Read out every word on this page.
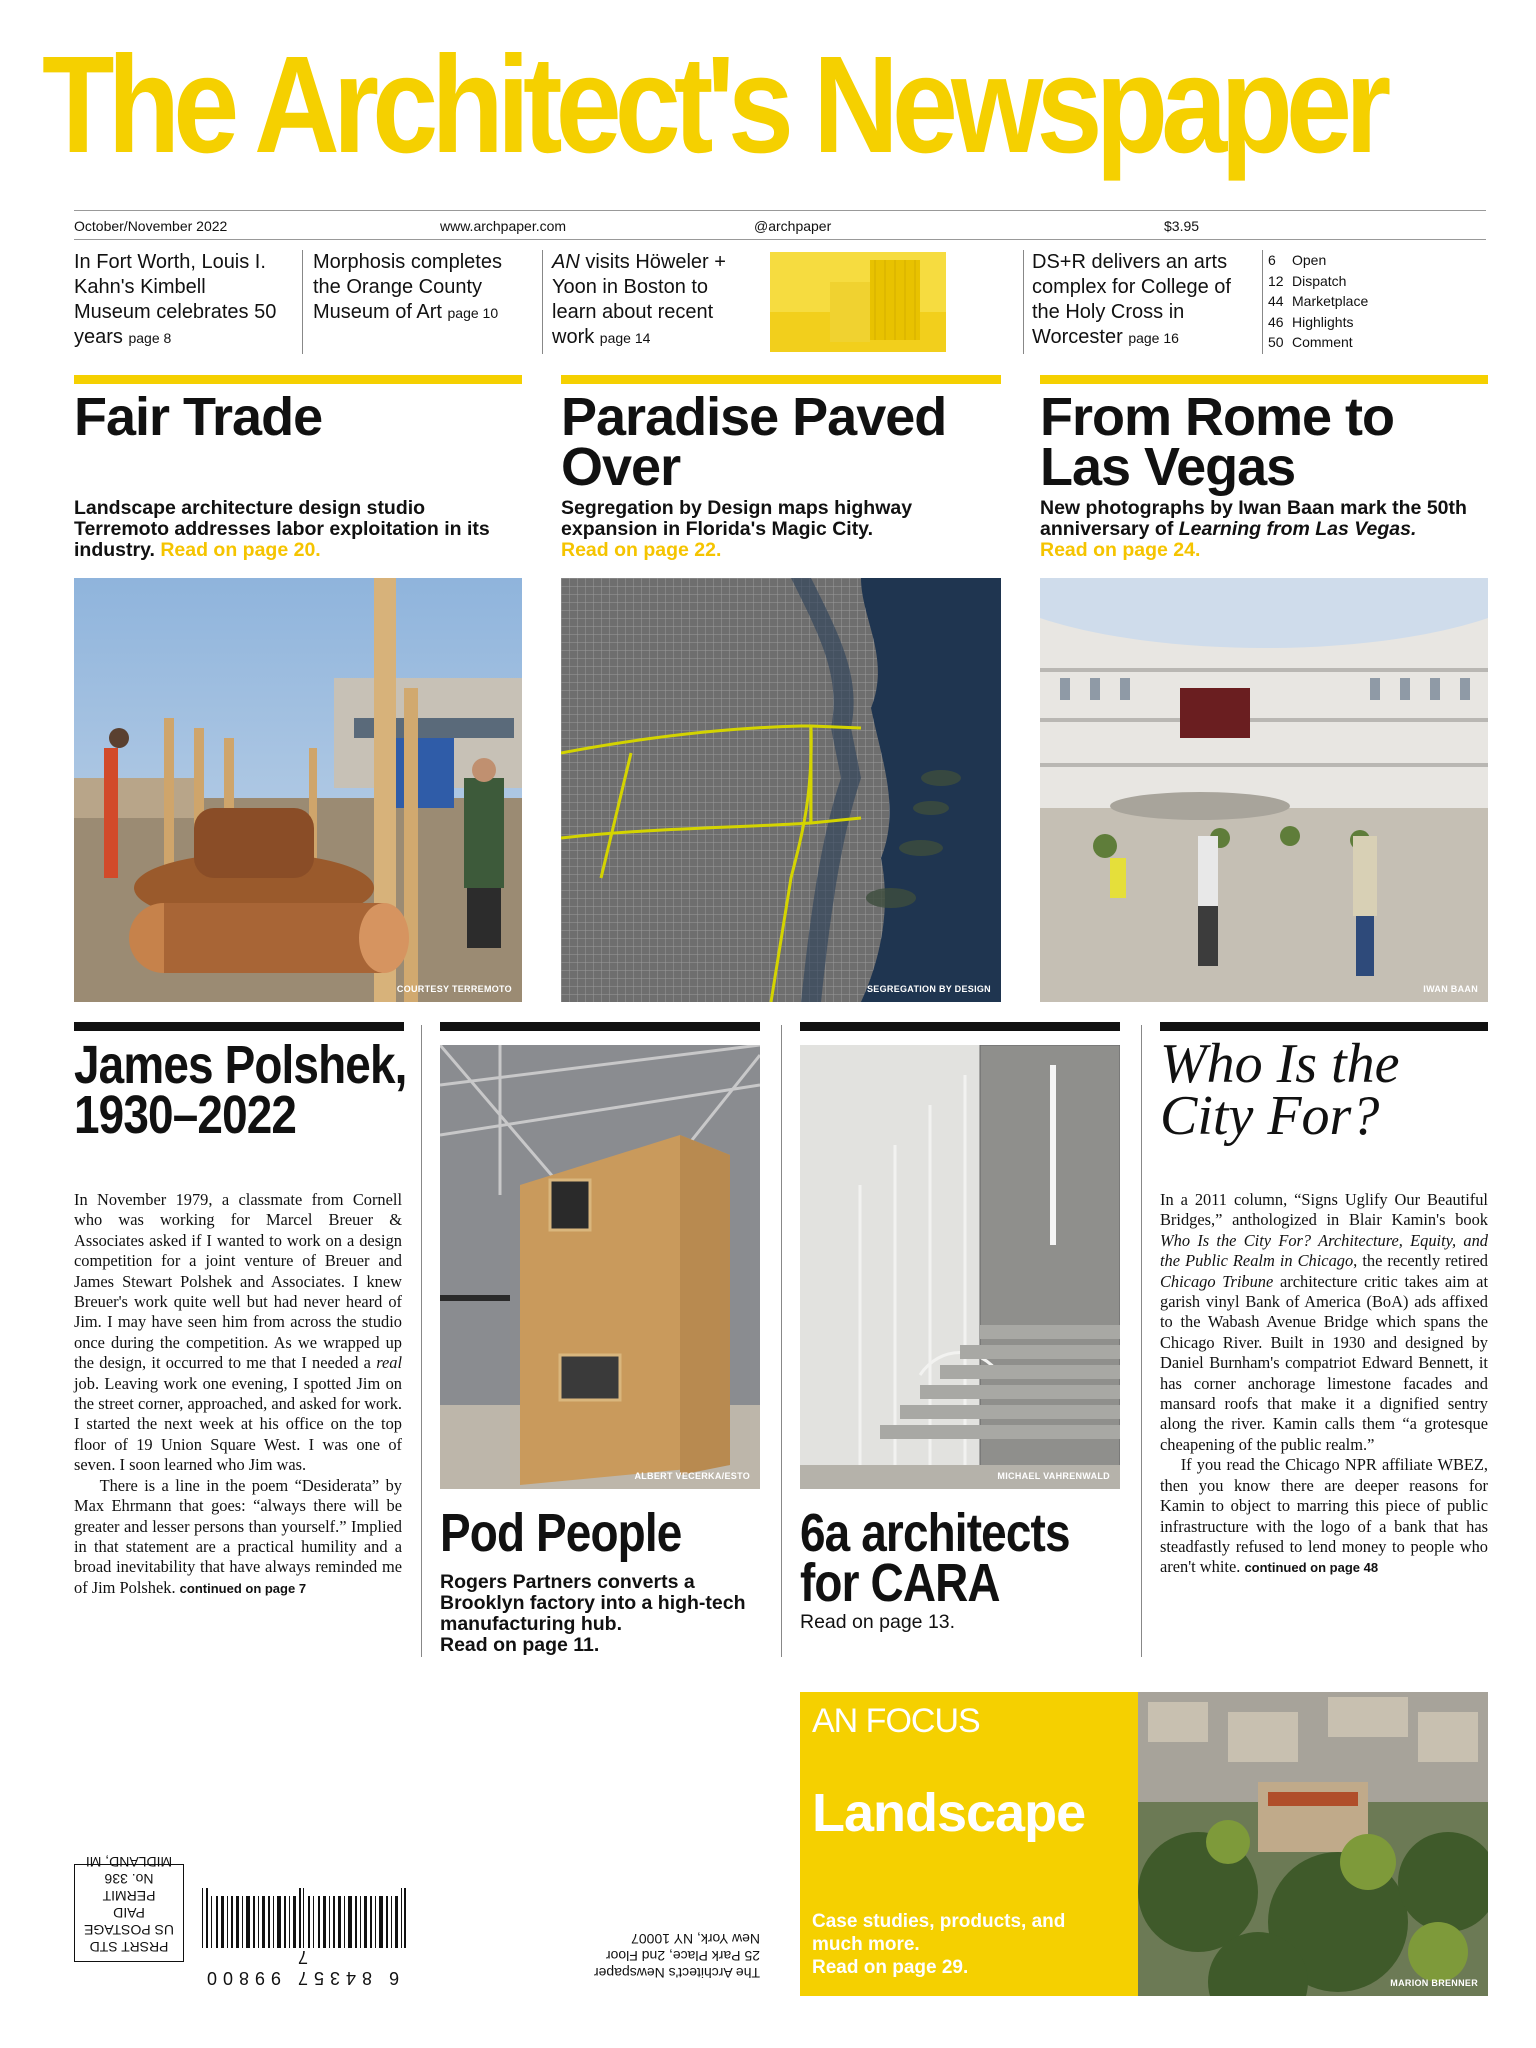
The Architect's Newspaper
October/November 2022	www.archpaper.com	@archpaper	$3.95
In Fort Worth, Louis I. Kahn's Kimbell Museum celebrates 50 years page 8
Morphosis completes the Orange County Museum of Art page 10
AN visits Höweler + Yoon in Boston to learn about recent work page 14
DS+R delivers an arts complex for College of the Holy Cross in Worcester page 16
6 Open
12 Dispatch
44 Marketplace
46 Highlights
50 Comment
Fair Trade
Landscape architecture design studio Terremoto addresses labor exploitation in its industry. Read on page 20.
COURTESY TERREMOTO
Paradise Paved
Over
Segregation by Design maps highway expansion in Florida's Magic City.
Read on page 22.
SEGREGATION BY DESIGN
From Rome to
Las Vegas
New photographs by Iwan Baan mark the 50th anniversary of Learning from Las Vegas.
Read on page 24.
IWAN BAAN
James Polshek,
1930–2022
In November 1979, a classmate from Cornell who was working for Marcel Breuer & Associates asked if I wanted to work on a design competition for a joint venture of Breuer and James Stewart Polshek and Associates. I knew Breuer's work quite well but had never heard of Jim. I may have seen him from across the studio once during the competition. As we wrapped up the design, it occurred to me that I needed a real job. Leaving work one evening, I spotted Jim on the street corner, approached, and asked for work. I started the next week at his office on the top floor of 19 Union Square West. I was one of seven. I soon learned who Jim was.
There is a line in the poem “Desiderata” by Max Ehrmann that goes: “always there will be greater and lesser persons than yourself.” Implied in that statement are a practical humility and a broad inevitability that have always reminded me of Jim Polshek. continued on page 7
ALBERT VECERKA/ESTO
Pod People
Rogers Partners converts a Brooklyn factory into a high-tech manufacturing hub.
Read on page 11.
MICHAEL VAHRENWALD
6a architects
for CARA
Read on page 13.
Who Is the
City For?
In a 2011 column, “Signs Uglify Our Beautiful Bridges,” anthologized in Blair Kamin's book Who Is the City For? Architecture, Equity, and the Public Realm in Chicago, the recently retired Chicago Tribune architecture critic takes aim at garish vinyl Bank of America (BoA) ads affixed to the Wabash Avenue Bridge which spans the Chicago River. Built in 1930 and designed by Daniel Burnham's compatriot Edward Bennett, it has corner anchorage limestone facades and mansard roofs that make it a dignified sentry along the river. Kamin calls them “a grotesque cheapening of the public realm.”
If you read the Chicago NPR affiliate WBEZ, then you know there are deeper reasons for Kamin to object to marring this piece of public infrastructure with the logo of a bank that has steadfastly refused to lend money to people who aren't white. continued on page 48
AN FOCUS
Landscape
Case studies, products, and
much more.
Read on page 29.
MARION BRENNER
PRSRT STD
US POSTAGE
PAID
PERMIT
No. 336
MIDLAND, MI
6 84357 99800 7
The Architect's Newspaper
25 Park Place, 2nd Floor
New York, NY 10007
